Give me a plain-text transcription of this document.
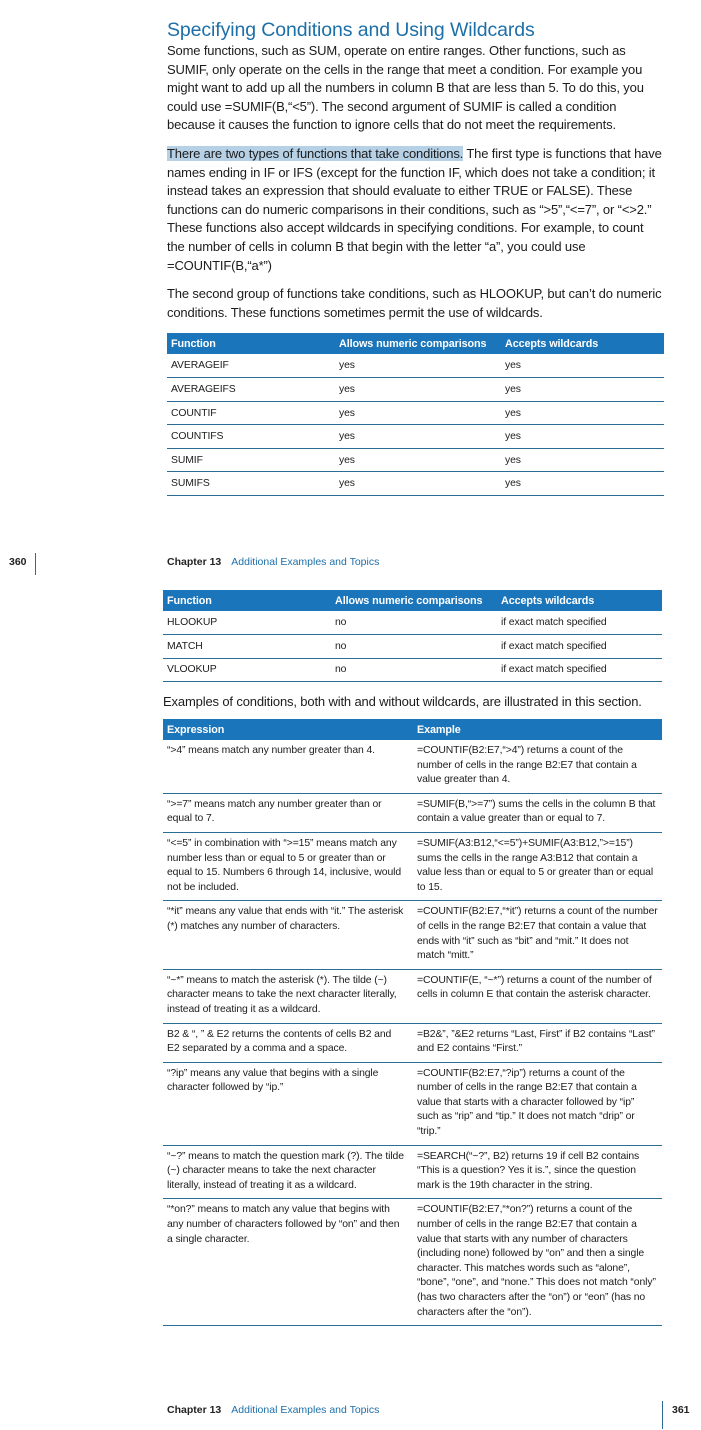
Specifying Conditions and Using Wildcards

Some functions, such as SUM, operate on entire ranges. Other functions, such as SUMIF, only operate on the cells in the range that meet a condition. For example you might want to add up all the numbers in column B that are less than 5. To do this, you could use =SUMIF(B,“<5”). The second argument of SUMIF is called a condition because it causes the function to ignore cells that do not meet the requirements.

There are two types of functions that take conditions. The first type is functions that have names ending in IF or IFS (except for the function IF, which does not take a condition; it instead takes an expression that should evaluate to either TRUE or FALSE). These functions can do numeric comparisons in their conditions, such as “>5”,“<=7”, or “<>2.” These functions also accept wildcards in specifying conditions. For example, to count the number of cells in column B that begin with the letter “a”, you could use =COUNTIF(B,“a*”)

The second group of functions take conditions, such as HLOOKUP, but can’t do numeric conditions. These functions sometimes permit the use of wildcards.

Function	Allows numeric comparisons	Accepts wildcards
AVERAGEIF	yes	yes
AVERAGEIFS	yes	yes
COUNTIF	yes	yes
COUNTIFS	yes	yes
SUMIF	yes	yes
SUMIFS	yes	yes
360	Chapter 13 Additional Examples and Topics
Function	Allows numeric comparisons	Accepts wildcards
HLOOKUP	no	if exact match specified
MATCH	no	if exact match specified
VLOOKUP	no	if exact match specified

Examples of conditions, both with and without wildcards, are illustrated in this section.

Expression	Example
“>4” means match any number greater than 4.	=COUNTIF(B2:E7,“>4”) returns a count of the number of cells in the range B2:E7 that contain a value greater than 4.
“>=7” means match any number greater than or equal to 7.	=SUMIF(B,“>=7”) sums the cells in the column B that contain a value greater than or equal to 7.
“<=5” in combination with “>=15” means match any number less than or equal to 5 or greater than or equal to 15. Numbers 6 through 14, inclusive, would not be included.	=SUMIF(A3:B12,“<=5”)+SUMIF(A3:B12,”>=15”) sums the cells in the range A3:B12 that contain a value less than or equal to 5 or greater than or equal to 15.
“*it” means any value that ends with “it.” The asterisk (*) matches any number of characters.	=COUNTIF(B2:E7,“*it”) returns a count of the number of cells in the range B2:E7 that contain a value that ends with “it” such as “bit” and “mit.” It does not match “mitt.”
“~*” means to match the asterisk (*). The tilde (~) character means to take the next character literally, instead of treating it as a wildcard.	=COUNTIF(E, “~*”) returns a count of the number of cells in column E that contain the asterisk character.
B2 & “, ” & E2 returns the contents of cells B2 and E2 separated by a comma and a space.	=B2&”, ”&E2 returns “Last, First” if B2 contains “Last” and E2 contains “First.”
“?ip” means any value that begins with a single character followed by “ip.”	=COUNTIF(B2:E7,“?ip”) returns a count of the number of cells in the range B2:E7 that contain a value that starts with a character followed by “ip” such as “rip” and “tip.” It does not match “drip” or “trip.”
“~?” means to match the question mark (?). The tilde (~) character means to take the next character literally, instead of treating it as a wildcard.	=SEARCH(“~?”, B2) returns 19 if cell B2 contains “This is a question? Yes it is.”, since the question mark is the 19th character in the string.
“*on?” means to match any value that begins with any number of characters followed by “on” and then a single character.	=COUNTIF(B2:E7,“*on?”) returns a count of the number of cells in the range B2:E7 that contain a value that starts with any number of characters (including none) followed by “on” and then a single character. This matches words such as “alone”, “bone”, “one”, and “none.” This does not match “only” (has two characters after the “on”) or “eon” (has no characters after the “on”).
Chapter 13 Additional Examples and Topics	361
